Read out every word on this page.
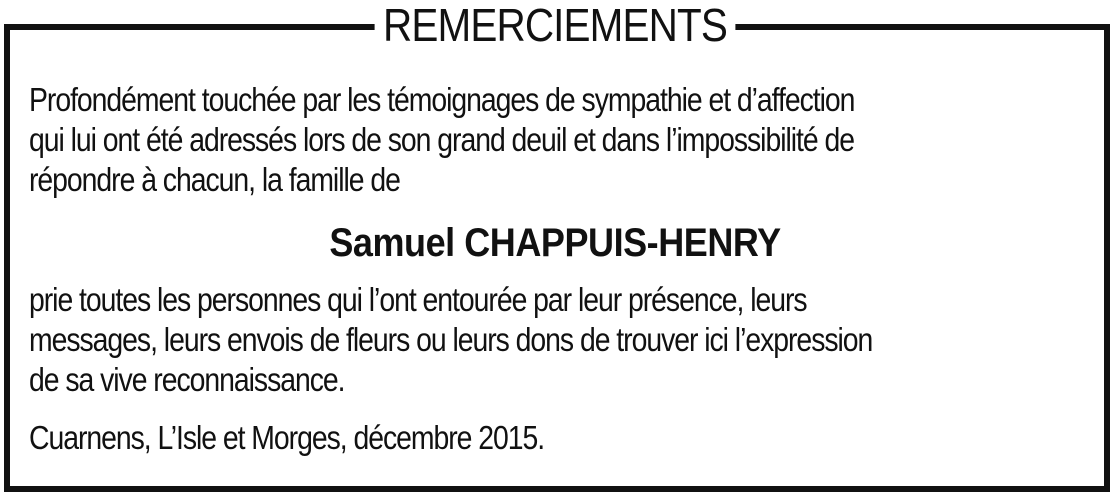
REMERCIEMENTS

Profondément touchée par les témoignages de sympathie et d’affection
qui lui ont été adressés lors de son grand deuil et dans l’impossibilité de
répondre à chacun, la famille de

Samuel CHAPPUIS-HENRY

prie toutes les personnes qui l’ont entourée par leur présence, leurs
messages, leurs envois de fleurs ou leurs dons de trouver ici l’expression
de sa vive reconnaissance.

Cuarnens, L’Isle et Morges, décembre 2015.
